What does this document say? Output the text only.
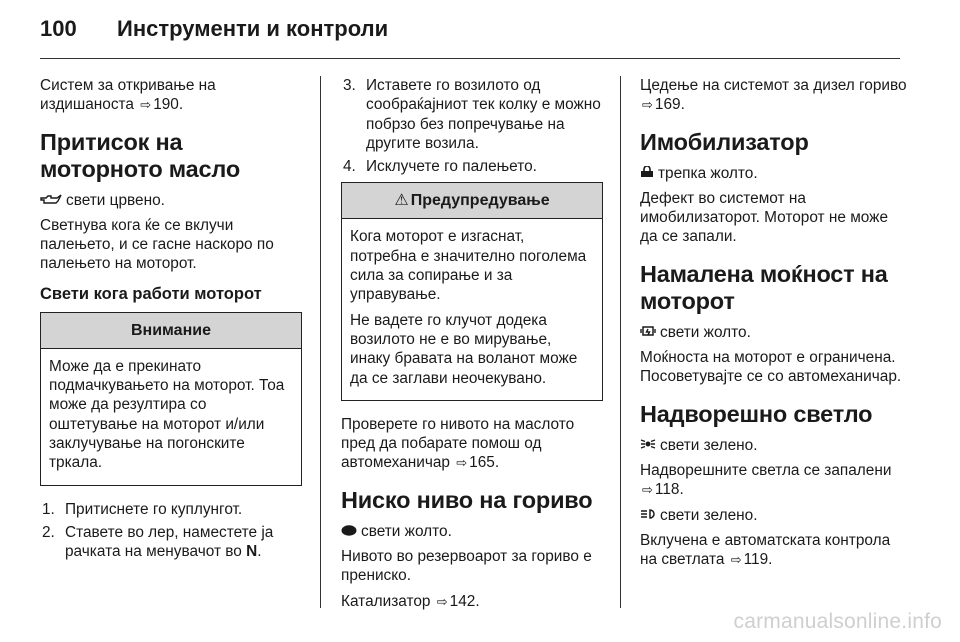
100 Инструменти и контроли

Систем за откривање на издишаноста ⇨ 190.

Притисок на моторното масло

свети црвено.

Светнува кога ќе се вклучи палењето, и се гасне наскоро по палењето на моторот.

Свети кога работи моторот
Внимание

Може да е прекинато подмачкувањето на моторот. Тоа може да резултира со оштетување на моторот и/или заклучување на погонските тркала.

1. Притиснете го куплунгот.
2. Ставете во лер, наместете ја рачката на менувачот во N.
3. Иставете го возилото од сообраќајниот тек колку е можно побрзо без попречување на другите возила.
4. Исклучете го палењето.
⚠ Предупредување

Кога моторот е изгаснат, потребна е значително поголема сила за сопирање и за управување.

Не вадете го клучот додека возилото не е во мирување, инаку бравата на воланот може да се заглави неочекувано.

Проверете го нивото на маслото пред да побарате помош од автомеханичар ⇨ 165.

Ниско ниво на гориво

свети жолто.

Нивото во резервоарот за гориво е прениско.

Катализатор ⇨ 142.

Цедење на системот за дизел гориво ⇨ 169.

Имобилизатор

трепка жолто.

Дефект во системот на имобилизаторот. Моторот не може да се запали.

Намалена моќност на моторот

свети жолто.

Моќноста на моторот е ограничена. Посоветувајте се со автомеханичар.

Надворешно светло

свети зелено.

Надворешните светла се запалени
⇨ 118.

свети зелено.

Вклучена е автоматската контрола на светлата ⇨ 119.

carmanualsonline.info
